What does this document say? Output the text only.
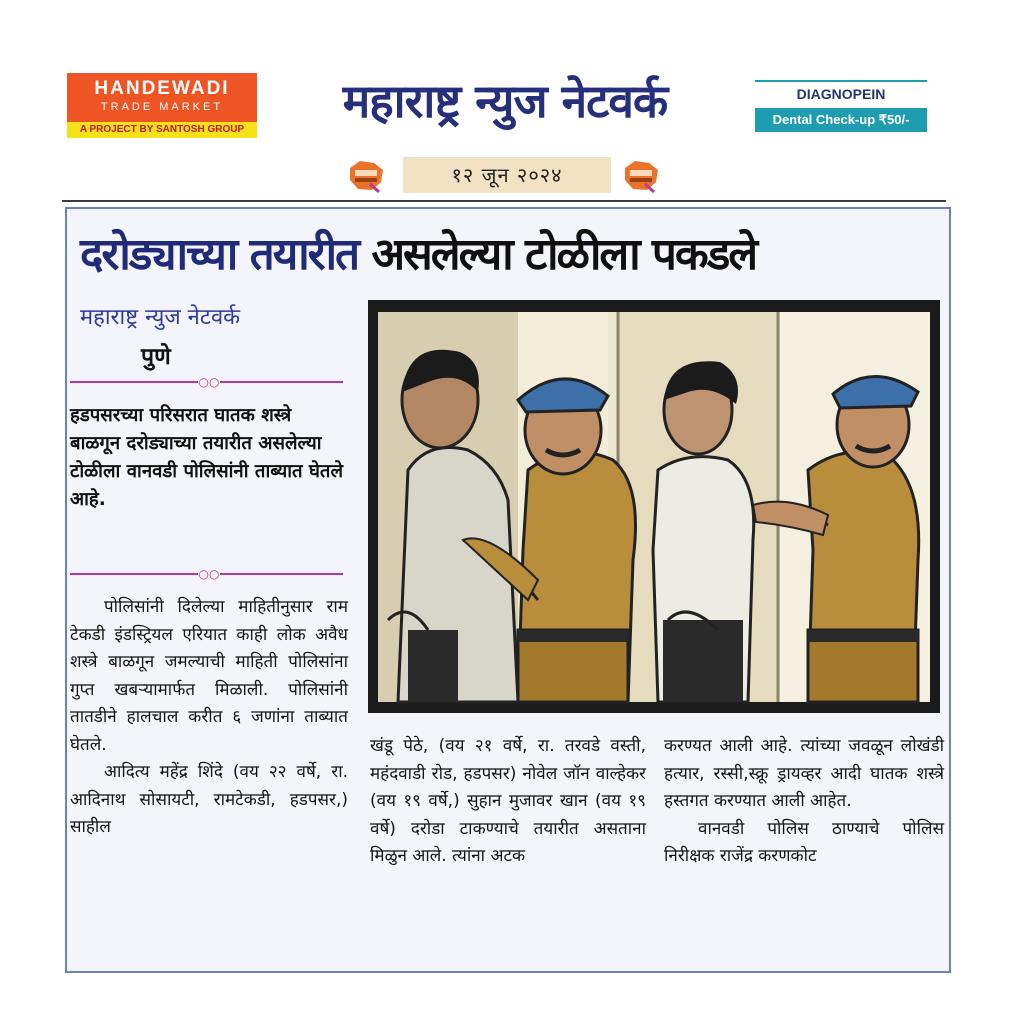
HANDEWADI
TRADE MARKET
A PROJECT BY SANTOSH GROUP
महाराष्ट्र न्युज नेटवर्क	DIAGNOPEIN
Dental Check-up ₹50/-
१२ जून २०२४
दरोड्याच्या तयारीत असलेल्या टोळीला पकडले
महाराष्ट्र न्युज नेटवर्क
पुणे
○○
हडपसरच्या परिसरात घातक शस्त्रे बाळगून दरोड्याच्या तयारीत असलेल्या टोळीला वानवडी पोलिसांनी ताब्यात घेतले आहे.
○○

पोलिसांनी दिलेल्या माहितीनुसार राम टेकडी इंडस्ट्रियल एरियात काही लोक अवैध शस्त्रे बाळगून जमल्याची माहिती पोलिसांना गुप्त खबऱ्यामार्फत मिळाली. पोलिसांनी तातडीने हालचाल करीत ६ जणांना ताब्यात घेतले.

आदित्य महेंद्र शिंदे (वय २२ वर्षे, रा. आदिनाथ सोसायटी, रामटेकडी, हडपसर,) साहील

खंडू पेठे, (वय २१ वर्षे, रा. तरवडे वस्ती, महंदवाडी रोड, हडपसर) नोवेल जॉन वाल्हेकर (वय १९ वर्षे,) सुहान मुजावर खान (वय १९ वर्षे) दरोडा टाकण्याचे तयारीत असताना मिळुन आले. त्यांना अटक

करण्यत आली आहे. त्यांच्या जवळून लोखंडी हत्यार, रस्सी,स्क्रू ड्रायव्हर आदी घातक शस्त्रे हस्तगत करण्यात आली आहेत.

वानवडी पोलिस ठाण्याचे पोलिस निरीक्षक राजेंद्र करणकोट
